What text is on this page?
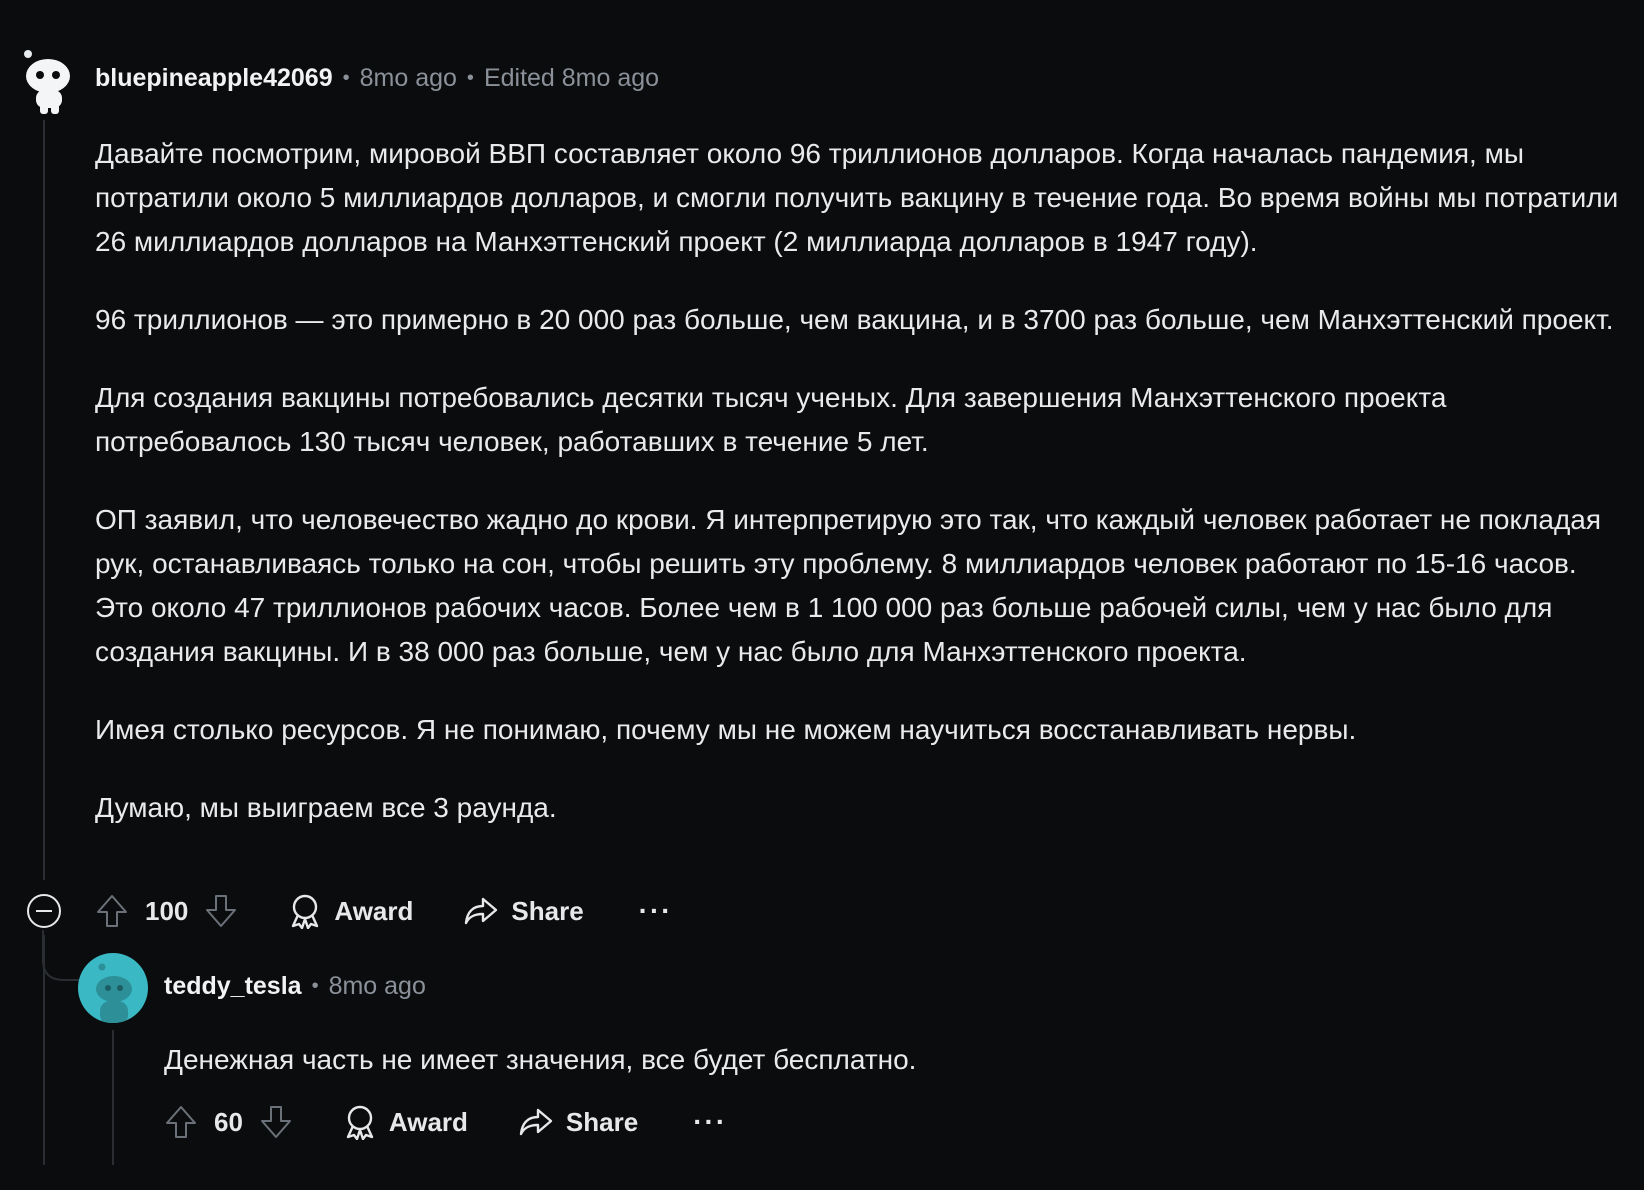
bluepineapple42069 • 8mo ago • Edited 8mo ago

Давайте посмотрим, мировой ВВП составляет около 96 триллионов долларов. Когда началась пандемия, мы потратили около 5 миллиардов долларов, и смогли получить вакцину в течение года. Во время войны мы потратили 26 миллиардов долларов на Манхэттенский проект (2 миллиарда долларов в 1947 году).

96 триллионов — это примерно в 20 000 раз больше, чем вакцина, и в 3700 раз больше, чем Манхэттенский проект.

Для создания вакцины потребовались десятки тысяч ученых. Для завершения Манхэттенского проекта потребовалось 130 тысяч человек, работавших в течение 5 лет.

ОП заявил, что человечество жадно до крови. Я интерпретирую это так, что каждый человек работает не покладая рук, останавливаясь только на сон, чтобы решить эту проблему. 8 миллиардов человек работают по 15-16 часов. Это около 47 триллионов рабочих часов. Более чем в 1 100 000 раз больше рабочей силы, чем у нас было для создания вакцины. И в 38 000 раз больше, чем у нас было для Манхэттенского проекта.

Имея столько ресурсов. Я не понимаю, почему мы не можем научиться восстанавливать нервы.

Думаю, мы выиграем все 3 раунда.

100	Award	Share ···
teddy_tesla • 8mo ago

Денежная часть не имеет значения, все будет бесплатно.

60	Award	Share ···
